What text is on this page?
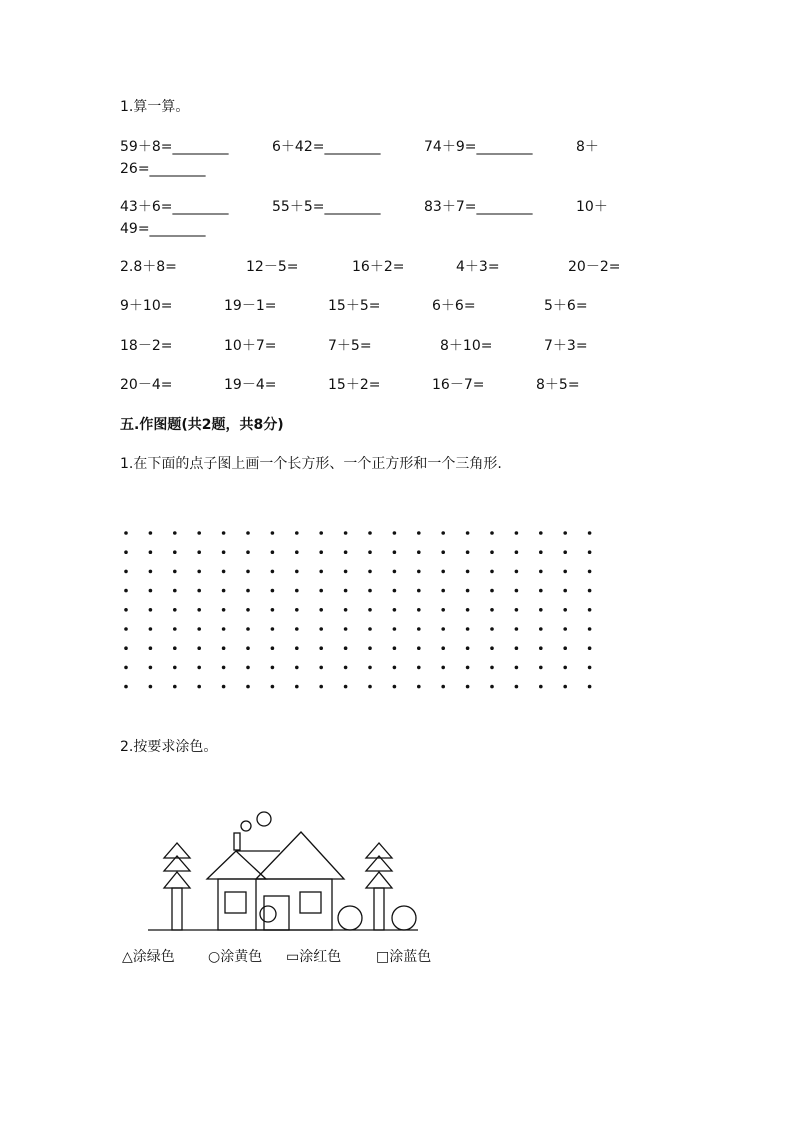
1.算一算。
59＋8=________	6＋42=________	74＋9=________	8＋
26=________
43＋6=________	55＋5=________	83＋7=________	10＋
49=________
2.8＋8=	12－5=	16＋2=	4＋3=	20－2=
9＋10=	19－1=	15＋5=	6＋6=	5＋6=
18－2=	10＋7=	7＋5=	8＋10=	7＋3=
20－4=	19－4=	15＋2=	16－7=	8＋5=
五.作图题(共2题，共8分)
1.在下面的点子图上画一个长方形、一个正方形和一个三角形.
2.按要求涂色。
△涂绿色 ○涂黄色 ▭涂红色 □涂蓝色
